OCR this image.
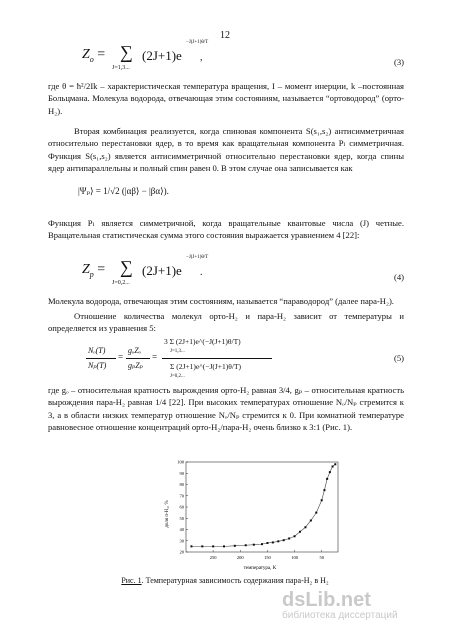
12
$Z_o$ = ∑
J=1,3...
(2J+1)e
−J(J+1)θ/T
,	(3)

где θ = ħ²/2Ik – характеристическая температура вращения, I – момент инерции, k –постоянная Больцмана. Молекула водорода, отвечающая этим состояниям, называется “ортоводород” (орто-H₂).

Вторая комбинация реализуется, когда спиновая компонента S(s₁,s₂) антисимметричная относительно перестановки ядер, в то время как вращательная компонента Pₗ симметричная. Функция S(s₁,s₂) является антисимметричной относительно перестановки ядер, когда спины ядер антипараллельны и полный спин равен 0. В этом случае она записывается как

|Ψₚ⟩ = 1/√2 (|αβ⟩ − |βα⟩).

Функция Pₗ является симметричной, когда вращательные квантовые числа (J) четные. Вращательная статистическая сумма этого состояния выражается уравнением 4 [22]:

$Z_p$ = ∑
J=0,2...
(2J+1)e
−J(J+1)θ/T
.	(4)

Молекула водорода, отвечающая этим состояниям, называется “параводород” (далее пара-H₂).

Отношение количества молекул орто-H₂ и пара-H₂ зависит от температуры и определяется из уравнения 5:

Nₒ(T)
Nₚ(T)
=
gₒZₒ
gₚZₚ
=
3 Σ (2J+1)e^(−J(J+1)θ/T)
J=1,3...
Σ (2J+1)e^(−J(J+1)θ/T)
J=0,2...
(5)

где gₒ – относительная кратность вырождения орто-H₂ равная 3/4, gₚ – относительная кратность вырождения пара-H₂ равная 1/4 [22]. При высоких температурах отношение Nₒ/Nₚ стремится к 3, а в области низких температур отношение Nₒ/Nₚ стремится к 0. При комнатной температуре равновесное отношение концентраций орто-H₂/пара-H₂ очень близко к 3:1 (Рис. 1).

доля п-H₂, %
температура, K
20
30
40
50
60
70
80
90
100
250	200	150	100	50
Рис. 1. Температурная зависимость содержания пара-H₂ в H₂
dsLib.net
библиотека диссертаций
